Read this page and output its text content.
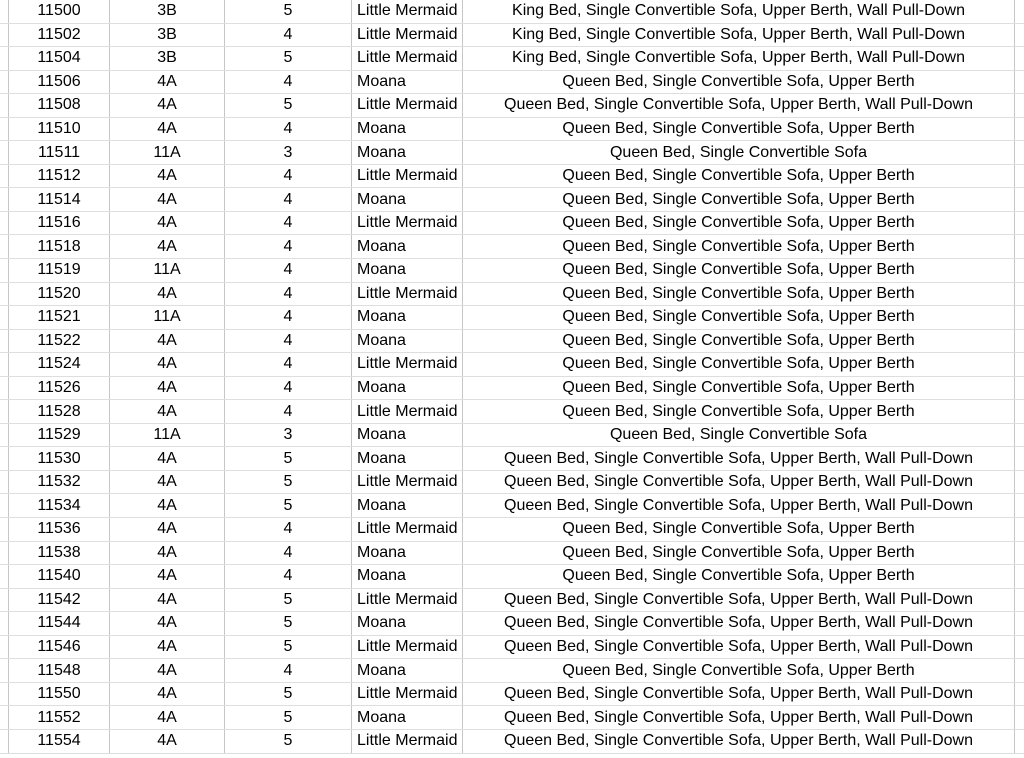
11500	3B	5	Little Mermaid	King Bed, Single Convertible Sofa, Upper Berth, Wall Pull-Down
11502	3B	4	Little Mermaid	King Bed, Single Convertible Sofa, Upper Berth, Wall Pull-Down
11504	3B	5	Little Mermaid	King Bed, Single Convertible Sofa, Upper Berth, Wall Pull-Down
11506	4A	4	Moana	Queen Bed, Single Convertible Sofa, Upper Berth
11508	4A	5	Little Mermaid	Queen Bed, Single Convertible Sofa, Upper Berth, Wall Pull-Down
11510	4A	4	Moana	Queen Bed, Single Convertible Sofa, Upper Berth
11511	11A	3	Moana	Queen Bed, Single Convertible Sofa
11512	4A	4	Little Mermaid	Queen Bed, Single Convertible Sofa, Upper Berth
11514	4A	4	Moana	Queen Bed, Single Convertible Sofa, Upper Berth
11516	4A	4	Little Mermaid	Queen Bed, Single Convertible Sofa, Upper Berth
11518	4A	4	Moana	Queen Bed, Single Convertible Sofa, Upper Berth
11519	11A	4	Moana	Queen Bed, Single Convertible Sofa, Upper Berth
11520	4A	4	Little Mermaid	Queen Bed, Single Convertible Sofa, Upper Berth
11521	11A	4	Moana	Queen Bed, Single Convertible Sofa, Upper Berth
11522	4A	4	Moana	Queen Bed, Single Convertible Sofa, Upper Berth
11524	4A	4	Little Mermaid	Queen Bed, Single Convertible Sofa, Upper Berth
11526	4A	4	Moana	Queen Bed, Single Convertible Sofa, Upper Berth
11528	4A	4	Little Mermaid	Queen Bed, Single Convertible Sofa, Upper Berth
11529	11A	3	Moana	Queen Bed, Single Convertible Sofa
11530	4A	5	Moana	Queen Bed, Single Convertible Sofa, Upper Berth, Wall Pull-Down
11532	4A	5	Little Mermaid	Queen Bed, Single Convertible Sofa, Upper Berth, Wall Pull-Down
11534	4A	5	Moana	Queen Bed, Single Convertible Sofa, Upper Berth, Wall Pull-Down
11536	4A	4	Little Mermaid	Queen Bed, Single Convertible Sofa, Upper Berth
11538	4A	4	Moana	Queen Bed, Single Convertible Sofa, Upper Berth
11540	4A	4	Moana	Queen Bed, Single Convertible Sofa, Upper Berth
11542	4A	5	Little Mermaid	Queen Bed, Single Convertible Sofa, Upper Berth, Wall Pull-Down
11544	4A	5	Moana	Queen Bed, Single Convertible Sofa, Upper Berth, Wall Pull-Down
11546	4A	5	Little Mermaid	Queen Bed, Single Convertible Sofa, Upper Berth, Wall Pull-Down
11548	4A	4	Moana	Queen Bed, Single Convertible Sofa, Upper Berth
11550	4A	5	Little Mermaid	Queen Bed, Single Convertible Sofa, Upper Berth, Wall Pull-Down
11552	4A	5	Moana	Queen Bed, Single Convertible Sofa, Upper Berth, Wall Pull-Down
11554	4A	5	Little Mermaid	Queen Bed, Single Convertible Sofa, Upper Berth, Wall Pull-Down
